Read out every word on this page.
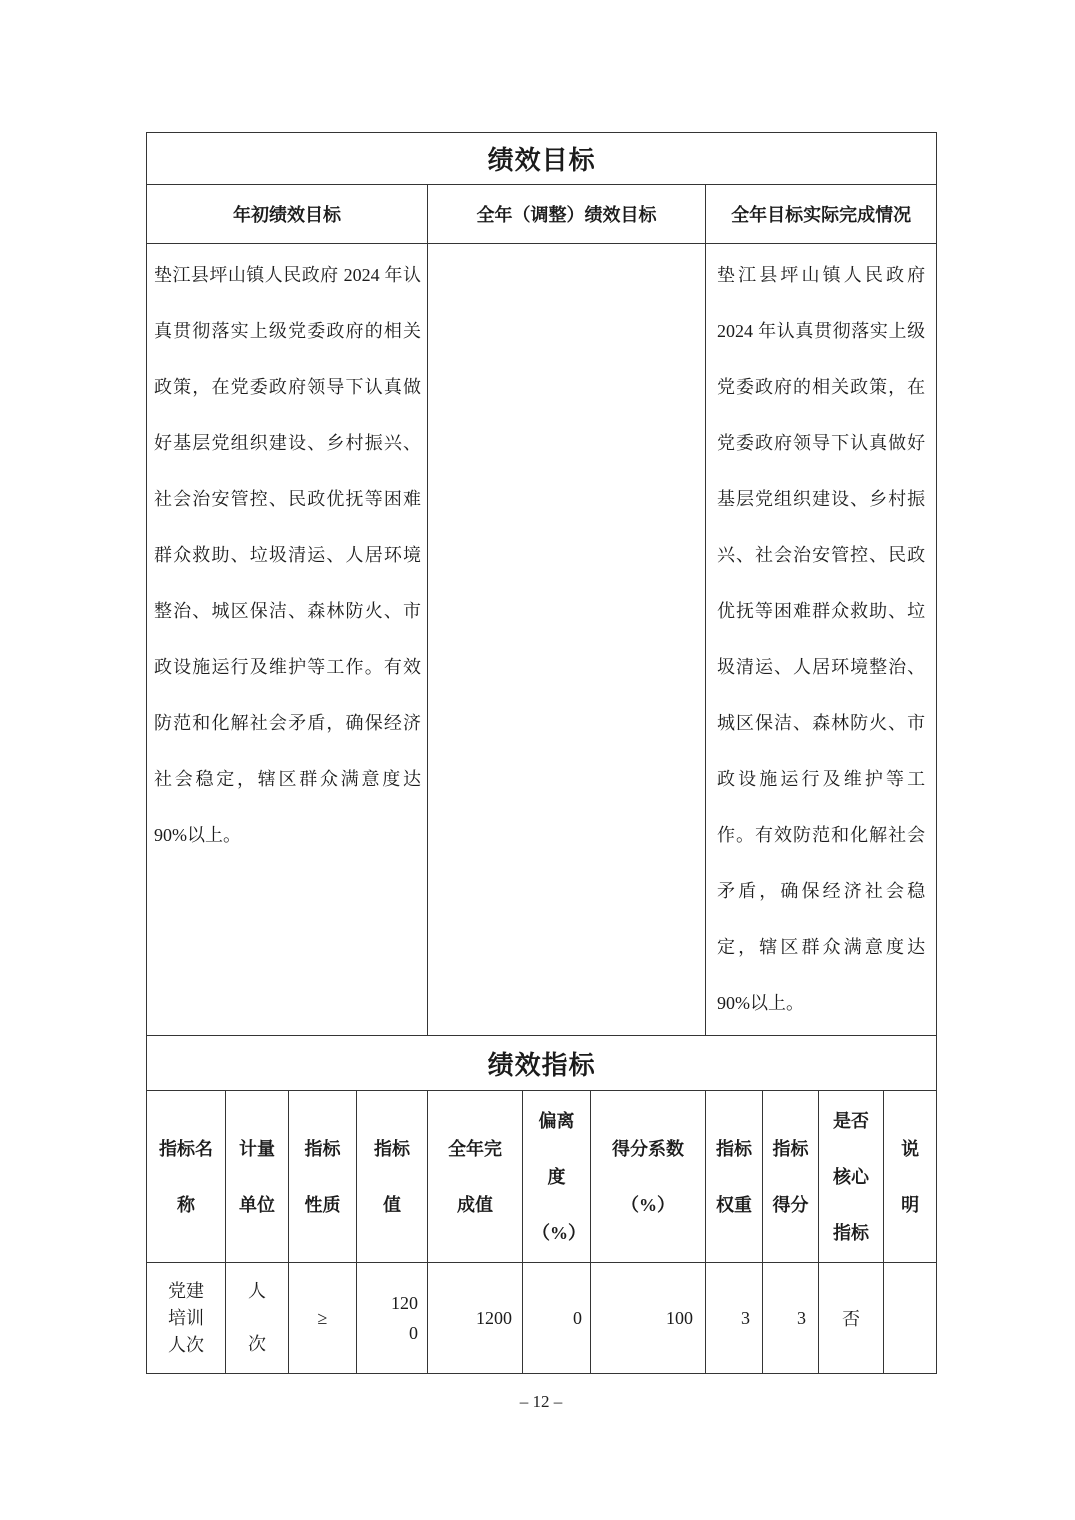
绩效目标										
年初绩效目标				全年（调整）绩效目标			全年目标实际完成情况			
垫江县坪山镇人民政府 2024 年认真贯彻落实上级党委政府的相关政策，在党委政府领导下认真做好基层党组织建设、乡村振兴、社会治安管控、民政优抚等困难群众救助、垃圾清运、人居环境整治、城区保洁、森林防火、市政设施运行及维护等工作。有效防范和化解社会矛盾，确保经济社会稳定，辖区群众满意度达 90%以上。							垫江县坪山镇人民政府 2024 年认真贯彻落实上级党委政府的相关政策，在党委政府领导下认真做好基层党组织建设、乡村振兴、社会治安管控、民政优抚等困难群众救助、垃圾清运、人居环境整治、城区保洁、森林防火、市政设施运行及维护等工作。有效防范和化解社会矛盾，确保经济社会稳定，辖区群众满意度达 90%以上。			
绩效指标										
指标名称	计量单位	指标性质	指标值	全年完成值	偏离度（%）	得分系数（%）	指标权重	指标得分	是否核心指标	说明
党建培训人次	人次	≥	1200	1200	0	100	3	3	否	
– 12 –
